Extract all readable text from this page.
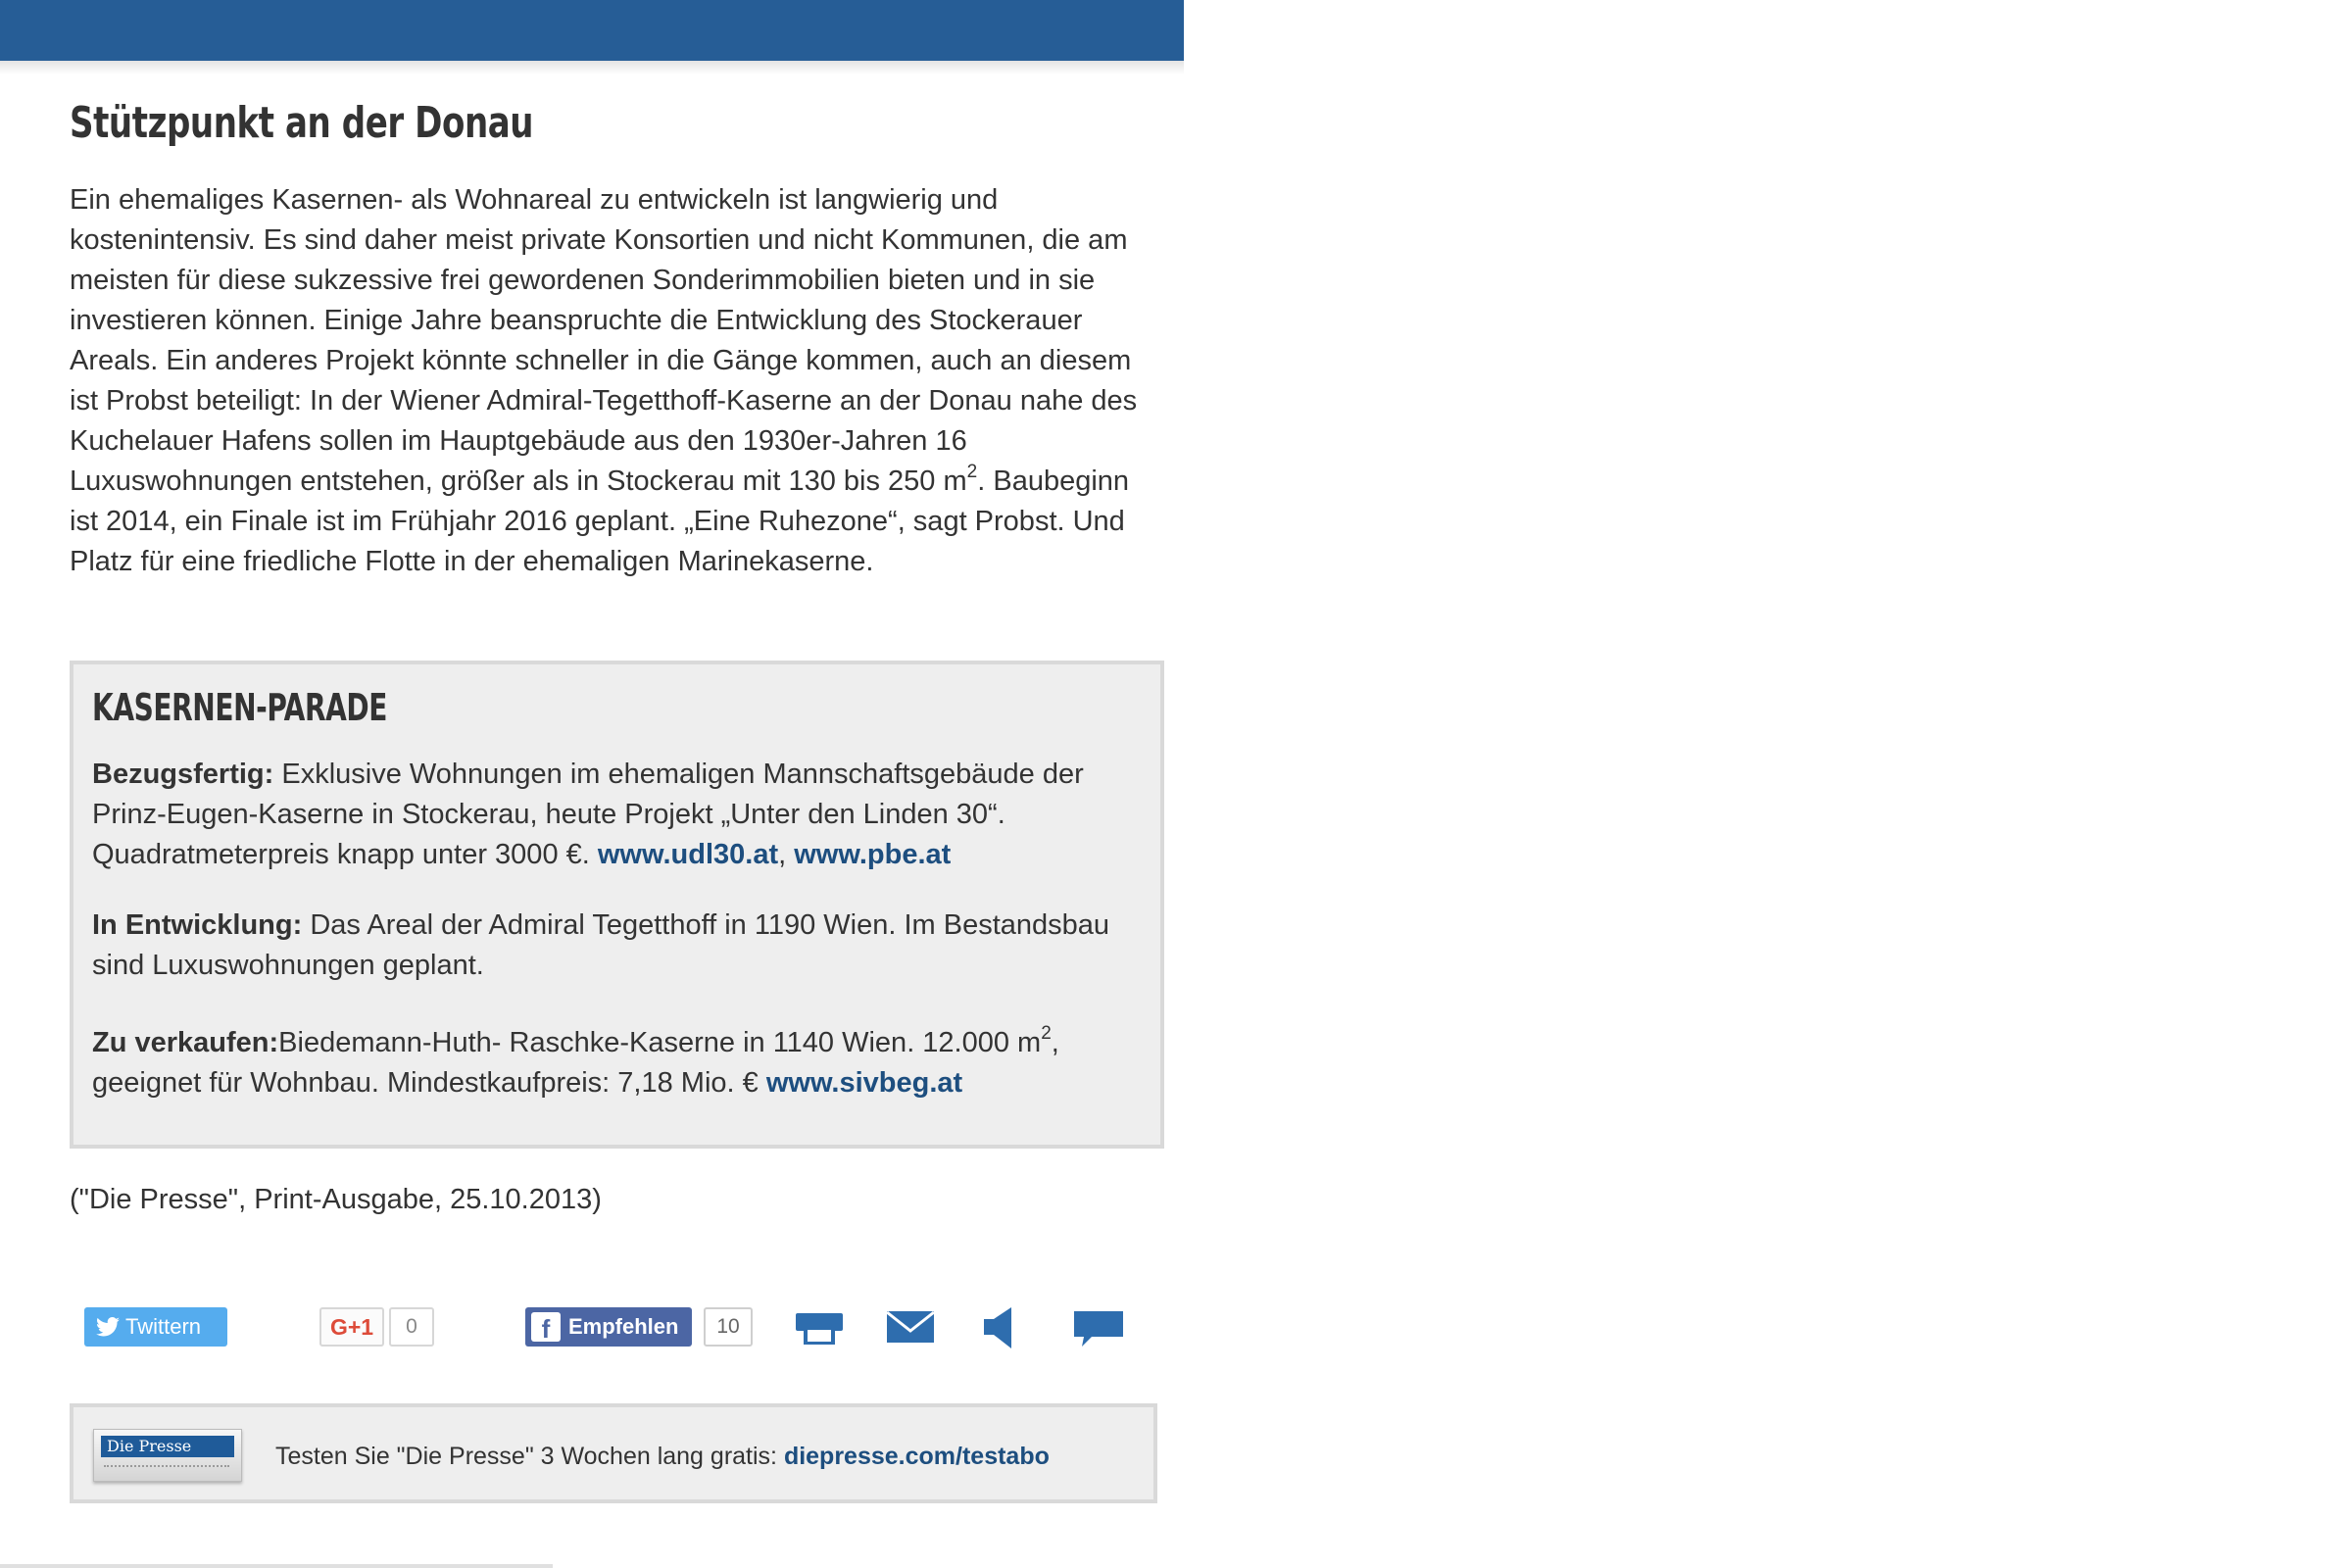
Stützpunkt an der Donau

Ein ehemaliges Kasernen- als Wohnareal zu entwickeln ist langwierig und kostenintensiv. Es sind daher meist private Konsortien und nicht Kommunen, die am meisten für diese sukzessive frei gewordenen Sonderimmobilien bieten und in sie investieren können. Einige Jahre beanspruchte die Entwicklung des Stockerauer Areals. Ein anderes Projekt könnte schneller in die Gänge kommen, auch an diesem ist Probst beteiligt: In der Wiener Admiral-Tegetthoff-Kaserne an der Donau nahe des Kuchelauer Hafens sollen im Hauptgebäude aus den 1930er-Jahren 16 Luxuswohnungen entstehen, größer als in Stockerau mit 130 bis 250 $m^2$. Baubeginn ist 2014, ein Finale ist im Frühjahr 2016 geplant. „Eine Ruhezone“, sagt Probst. Und Platz für eine friedliche Flotte in der ehemaligen Marinekaserne.

KASERNEN-PARADE

Bezugsfertig: Exklusive Wohnungen im ehemaligen Mannschaftsgebäude der Prinz-Eugen-Kaserne in Stockerau, heute Projekt „Unter den Linden 30“. Quadratmeterpreis knapp unter 3000 €. www.udl30.at, www.pbe.at

In Entwicklung: Das Areal der Admiral Tegetthoff in 1190 Wien. Im Bestandsbau sind Luxuswohnungen geplant.

Zu verkaufen:Biedemann-Huth- Raschke-Kaserne in 1140 Wien. 12.000 $m^2$, geeignet für Wohnbau. Mindestkaufpreis: 7,18 Mio. € www.sivbeg.at

("Die Presse", Print-Ausgabe, 25.10.2013)

Twittern	G+1	0	f Empfehlen	10
Die Presse	Testen Sie "Die Presse" 3 Wochen lang gratis: diepresse.com/testabo
